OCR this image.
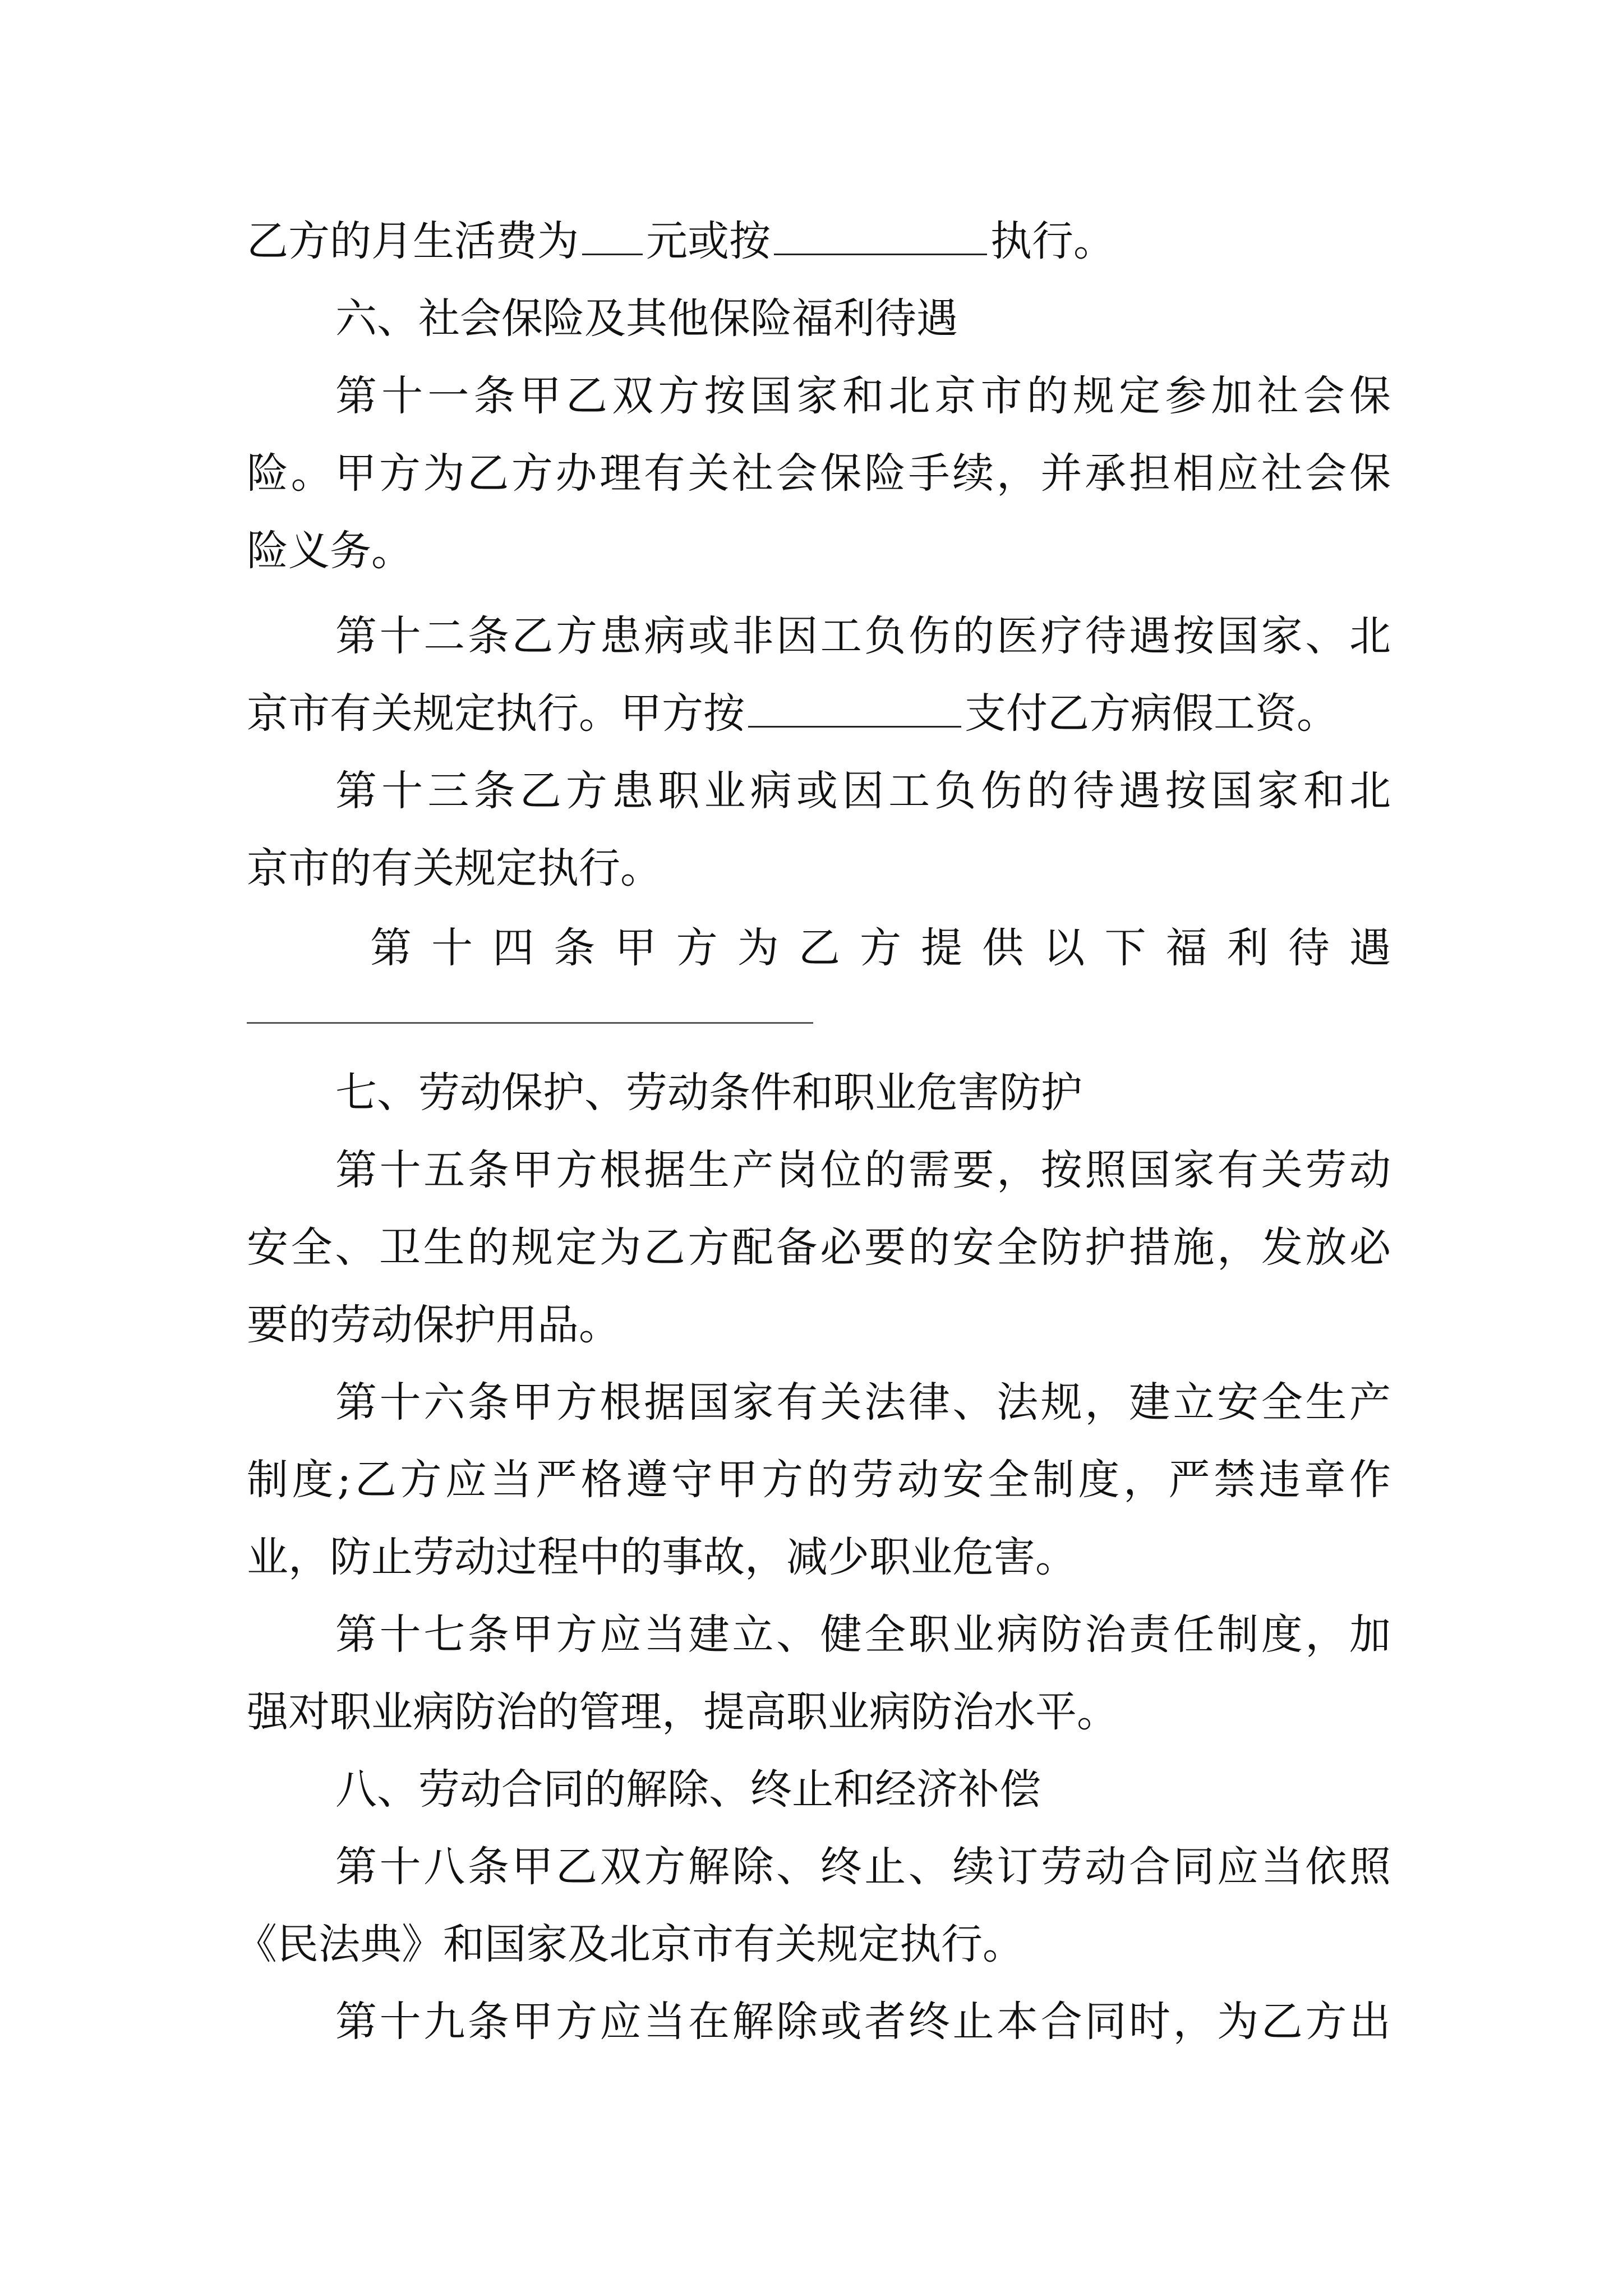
乙方的月生活费为 元或按	执行。
六、社会保险及其他保险福利待遇
第十一条甲乙双方按国家和北京市的规定参加社会保
险。甲方为乙方办理有关社会保险手续，并承担相应社会保
险义务。
第十二条乙方患病或非因工负伤的医疗待遇按国家、北
京市有关规定执行。甲方按	支付乙方病假工资。
第十三条乙方患职业病或因工负伤的待遇按国家和北
京市的有关规定执行。
第十四条甲方为乙方提供以下福利待遇
七、劳动保护、劳动条件和职业危害防护
第十五条甲方根据生产岗位的需要，按照国家有关劳动
安全、卫生的规定为乙方配备必要的安全防护措施，发放必
要的劳动保护用品。
第十六条甲方根据国家有关法律、法规，建立安全生产
制度;乙方应当严格遵守甲方的劳动安全制度，严禁违章作
业，防止劳动过程中的事故，减少职业危害。
第十七条甲方应当建立、健全职业病防治责任制度，加
强对职业病防治的管理，提高职业病防治水平。
八、劳动合同的解除、终止和经济补偿
第十八条甲乙双方解除、终止、续订劳动合同应当依照
《民法典》和国家及北京市有关规定执行。
第十九条甲方应当在解除或者终止本合同时，为乙方出
